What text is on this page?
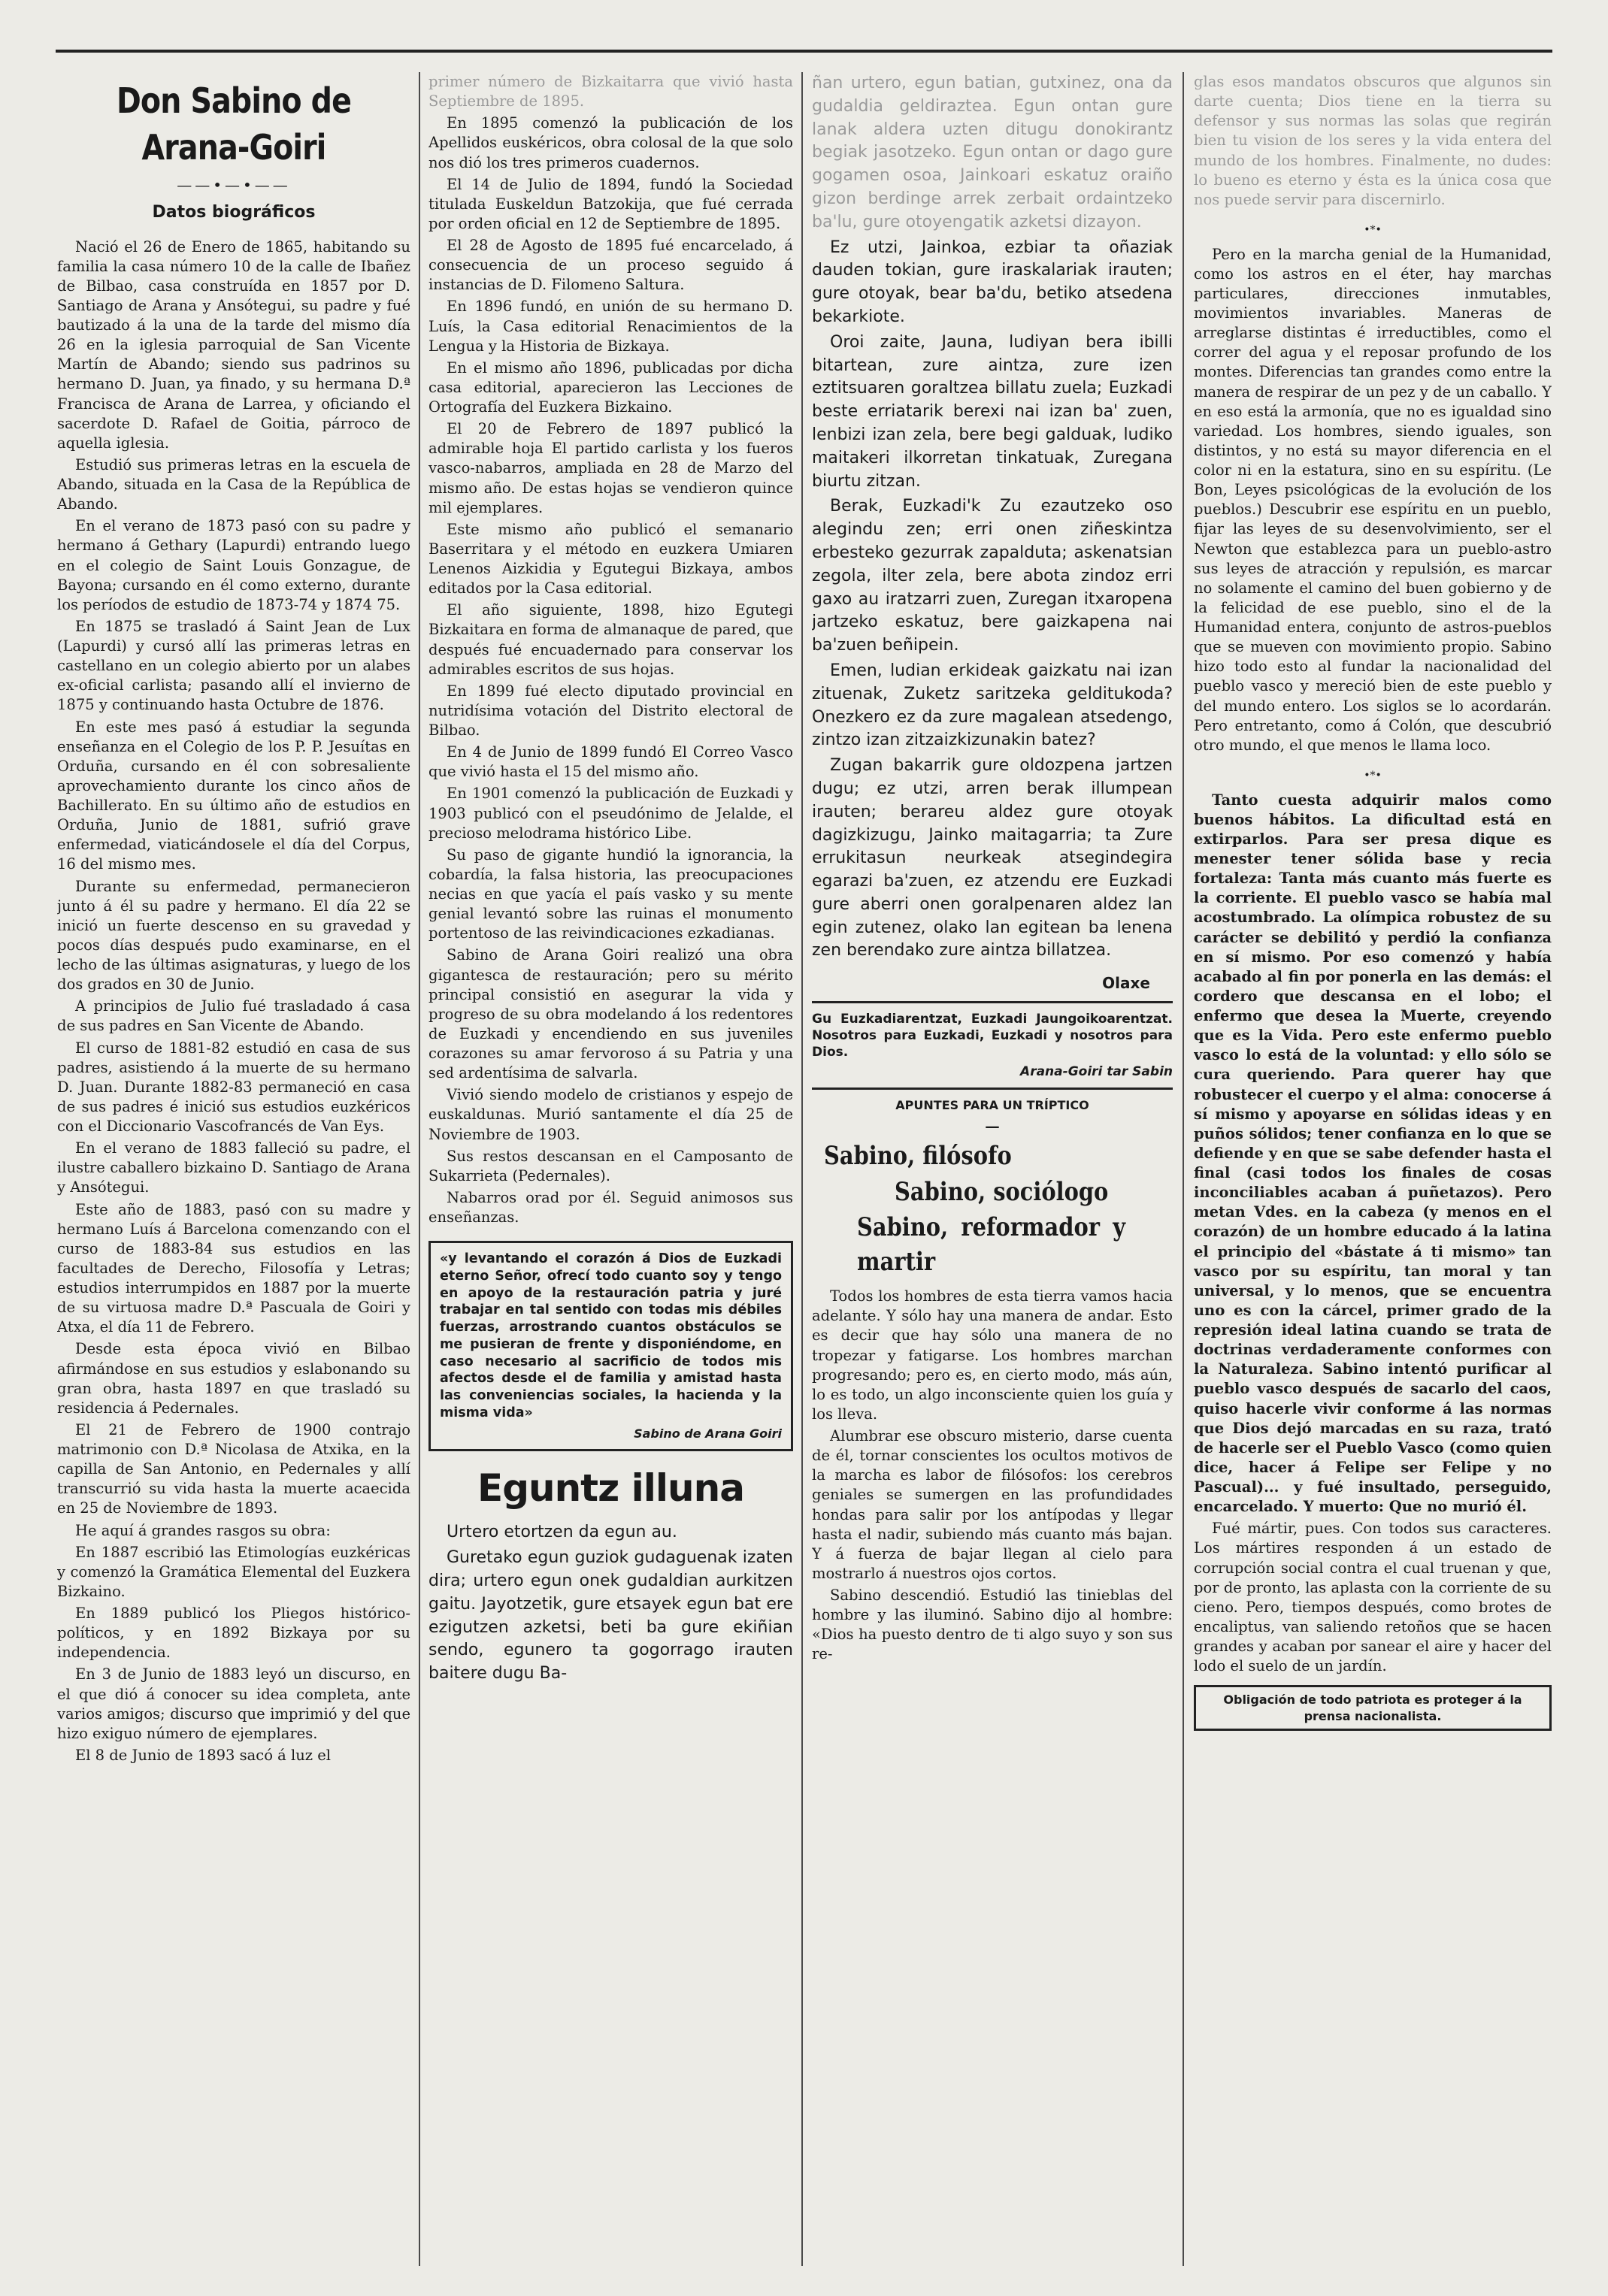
Don Sabino de Arana-Goiri
——•—•——
Datos biográficos

Nació el 26 de Enero de 1865, habitando su familia la casa número 10 de la calle de Ibañez de Bilbao, casa construída en 1857 por D. Santiago de Arana y Ansótegui, su padre y fué bautizado á la una de la tarde del mismo día 26 en la iglesia parroquial de San Vicente Martín de Abando; siendo sus padrinos su hermano D. Juan, ya finado, y su hermana D.ª Francisca de Arana de Larrea, y oficiando el sacerdote D. Rafael de Goitia, párroco de aquella iglesia.

Estudió sus primeras letras en la escuela de Abando, situada en la Casa de la República de Abando.

En el verano de 1873 pasó con su padre y hermano á Gethary (Lapurdi) entrando luego en el colegio de Saint Louis Gonzague, de Bayona; cursando en él como externo, durante los períodos de estudio de 1873-74 y 1874 75.

En 1875 se trasladó á Saint Jean de Lux (Lapurdi) y cursó allí las primeras letras en castellano en un colegio abierto por un alabes ex-oficial carlista; pasando allí el invierno de 1875 y continuando hasta Octubre de 1876.

En este mes pasó á estudiar la segunda enseñanza en el Colegio de los P. P. Jesuítas en Orduña, cursando en él con sobresaliente aprovechamiento durante los cinco años de Bachillerato. En su último año de estudios en Orduña, Junio de 1881, sufrió grave enfermedad, viaticándosele el día del Corpus, 16 del mismo mes.

Durante su enfermedad, permanecieron junto á él su padre y hermano. El día 22 se inició un fuerte descenso en su gravedad y pocos días después pudo examinarse, en el lecho de las últimas asignaturas, y luego de los dos grados en 30 de Junio.

A principios de Julio fué trasladado á casa de sus padres en San Vicente de Abando.

El curso de 1881-82 estudió en casa de sus padres, asistiendo á la muerte de su hermano D. Juan. Durante 1882-83 permaneció en casa de sus padres é inició sus estudios euzkéricos con el Diccionario Vascofrancés de Van Eys.

En el verano de 1883 falleció su padre, el ilustre caballero bizkaino D. Santiago de Arana y Ansótegui.

Este año de 1883, pasó con su madre y hermano Luís á Barcelona comenzando con el curso de 1883-84 sus estudios en las facultades de Derecho, Filosofía y Letras; estudios interrumpidos en 1887 por la muerte de su virtuosa madre D.ª Pascuala de Goiri y Atxa, el día 11 de Febrero.

Desde esta época vivió en Bilbao afirmándose en sus estudios y eslabonando su gran obra, hasta 1897 en que trasladó su residencia á Pedernales.

El 21 de Febrero de 1900 contrajo matrimonio con D.ª Nicolasa de Atxika, en la capilla de San Antonio, en Pedernales y allí transcurrió su vida hasta la muerte acaecida en 25 de Noviembre de 1893.

He aquí á grandes rasgos su obra:

En 1887 escribió las Etimologías euzkéricas y comenzó la Gramática Elemental del Euzkera Bizkaino.

En 1889 publicó los Pliegos histórico-políticos, y en 1892 Bizkaya por su independencia.

En 3 de Junio de 1883 leyó un discurso, en el que dió á conocer su idea completa, ante varios amigos; discurso que imprimió y del que hizo exiguo número de ejemplares.

El 8 de Junio de 1893 sacó á luz el

primer número de Bizkaitarra que vivió hasta Septiembre de 1895.

En 1895 comenzó la publicación de los Apellidos euskéricos, obra colosal de la que solo nos dió los tres primeros cuadernos.

El 14 de Julio de 1894, fundó la Sociedad titulada Euskeldun Batzokija, que fué cerrada por orden oficial en 12 de Septiembre de 1895.

El 28 de Agosto de 1895 fué encarcelado, á consecuencia de un proceso seguido á instancias de D. Filomeno Saltura.

En 1896 fundó, en unión de su hermano D. Luís, la Casa editorial Renacimientos de la Lengua y la Historia de Bizkaya.

En el mismo año 1896, publicadas por dicha casa editorial, aparecieron las Lecciones de Ortografía del Euzkera Bizkaino.

El 20 de Febrero de 1897 publicó la admirable hoja El partido carlista y los fueros vasco-nabarros, ampliada en 28 de Marzo del mismo año. De estas hojas se vendieron quince mil ejemplares.

Este mismo año publicó el semanario Baserritara y el método en euzkera Umiaren Lenenos Aizkidia y Egutegui Bizkaya, ambos editados por la Casa editorial.

El año siguiente, 1898, hizo Egutegi Bizkaitara en forma de almanaque de pared, que después fué encuadernado para conservar los admirables escritos de sus hojas.

En 1899 fué electo diputado provincial en nutridísima votación del Distrito electoral de Bilbao.

En 4 de Junio de 1899 fundó El Correo Vasco que vivió hasta el 15 del mismo año.

En 1901 comenzó la publicación de Euzkadi y 1903 publicó con el pseudónimo de Jelalde, el precioso melodrama histórico Libe.

Su paso de gigante hundió la ignorancia, la cobardía, la falsa historia, las preocupaciones necias en que yacía el país vasko y su mente genial levantó sobre las ruinas el monumento portentoso de las reivindicaciones ezkadianas.

Sabino de Arana Goiri realizó una obra gigantesca de restauración; pero su mérito principal consistió en asegurar la vida y progreso de su obra modelando á los redentores de Euzkadi y encendiendo en sus juveniles corazones su amar fervoroso á su Patria y una sed ardentísima de salvarla.

Vivió siendo modelo de cristianos y espejo de euskaldunas. Murió santamente el día 25 de Noviembre de 1903.

Sus restos descansan en el Camposanto de Sukarrieta (Pedernales).

Nabarros orad por él. Seguid animosos sus enseñanzas.

«y levantando el corazón á Dios de Euzkadi eterno Señor, ofrecí todo cuanto soy y tengo en apoyo de la restauración patria y juré trabajar en tal sentido con todas mis débiles fuerzas, arrostrando cuantos obstáculos se me pusieran de frente y disponiéndome, en caso necesario al sacrificio de todos mis afectos desde el de familia y amistad hasta las conveniencias sociales, la hacienda y la misma vida»
Sabino de Arana Goiri
Eguntz illuna

Urtero etortzen da egun au.

Guretako egun guziok gudaguenak izaten dira; urtero egun onek gudaldian aurkitzen gaitu. Jayotzetik, gure etsayek egun bat ere ezigutzen azketsi, beti ba gure ekiñian sendo, egunero ta gogorrago irauten baitere dugu Ba-

ñan urtero, egun batian, gutxinez, ona da gudaldia geldiraztea. Egun ontan gure lanak aldera uzten ditugu donokirantz begiak jasotzeko. Egun ontan or dago gure gogamen osoa, Jainkoari eskatuz oraiño gizon berdinge arrek zerbait ordaintzeko ba'lu, gure otoyengatik azketsi dizayon.

Ez utzi, Jainkoa, ezbiar ta oñaziak dauden tokian, gure iraskalariak irauten; gure otoyak, bear ba'du, betiko atsedena bekarkiote.

Oroi zaite, Jauna, ludiyan bera ibilli bitartean, zure aintza, zure izen eztitsuaren goraltzea billatu zuela; Euzkadi beste erriatarik berexi nai izan ba' zuen, lenbizi izan zela, bere begi galduak, ludiko maitakeri ilkorretan tinkatuak, Zuregana biurtu zitzan.

Berak, Euzkadi'k Zu ezautzeko oso alegindu zen; erri onen ziñeskintza erbesteko gezurrak zapalduta; askenatsian zegola, ilter zela, bere abota zindoz erri gaxo au iratzarri zuen, Zuregan itxaropena jartzeko eskatuz, bere gaizkapena nai ba'zuen beñipein.

Emen, ludian erkideak gaizkatu nai izan zituenak, Zuketz saritzeka gelditukoda? Onezkero ez da zure magalean atsedengo, zintzo izan zitzaizkizunakin batez?

Zugan bakarrik gure oldozpena jartzen dugu; ez utzi, arren berak illumpean irauten; berareu aldez gure otoyak dagizkizugu, Jainko maitagarria; ta Zure errukitasun neurkeak atsegindegira egarazi ba'zuen, ez atzendu ere Euzkadi gure aberri onen goralpenaren aldez lan egin zutenez, olako lan egitean ba lenena zen berendako zure aintza billatzea.

Olaxe
Gu Euzkadiarentzat, Euzkadi Jaungoikoarentzat. Nosotros para Euzkadi, Euzkadi y nosotros para Dios.
Arana-Goiri tar Sabin
APUNTES PARA UN TRÍPTICO
—
Sabino, filósofo
Sabino, sociólogo
Sabino, reformador y martir

Todos los hombres de esta tierra vamos hacia adelante. Y sólo hay una manera de andar. Esto es decir que hay sólo una manera de no tropezar y fatigarse. Los hombres marchan progresando; pero es, en cierto modo, más aún, lo es todo, un algo inconsciente quien los guía y los lleva.

Alumbrar ese obscuro misterio, darse cuenta de él, tornar conscientes los ocultos motivos de la marcha es labor de filósofos: los cerebros geniales se sumergen en las profundidades hondas para salir por los antípodas y llegar hasta el nadir, subiendo más cuanto más bajan. Y á fuerza de bajar llegan al cielo para mostrarlo á nuestros ojos cortos.

Sabino descendió. Estudió las tinieblas del hombre y las iluminó. Sabino dijo al hombre: «Dios ha puesto dentro de ti algo suyo y son sus re-

glas esos mandatos obscuros que algunos sin darte cuenta; Dios tiene en la tierra su defensor y sus normas las solas que regirán bien tu vision de los seres y la vida entera del mundo de los hombres. Finalmente, no dudes: lo bueno es eterno y ésta es la única cosa que nos puede servir para discernirlo.

•*•

Pero en la marcha genial de la Humanidad, como los astros en el éter, hay marchas particulares, direcciones inmutables, movimientos invariables. Maneras de arreglarse distintas é irreductibles, como el correr del agua y el reposar profundo de los montes. Diferencias tan grandes como entre la manera de respirar de un pez y de un caballo. Y en eso está la armonía, que no es igualdad sino variedad. Los hombres, siendo iguales, son distintos, y no está su mayor diferencia en el color ni en la estatura, sino en su espíritu. (Le Bon, Leyes psicológicas de la evolución de los pueblos.) Descubrir ese espíritu en un pueblo, fijar las leyes de su desenvolvimiento, ser el Newton que establezca para un pueblo-astro sus leyes de atracción y repulsión, es marcar no solamente el camino del buen gobierno y de la felicidad de ese pueblo, sino el de la Humanidad entera, conjunto de astros-pueblos que se mueven con movimiento propio. Sabino hizo todo esto al fundar la nacionalidad del pueblo vasco y mereció bien de este pueblo y del mundo entero. Los siglos se lo acordarán. Pero entretanto, como á Colón, que descubrió otro mundo, el que menos le llama loco.

•*•

Tanto cuesta adquirir malos como buenos hábitos. La dificultad está en extirparlos. Para ser presa dique es menester tener sólida base y recia fortaleza: Tanta más cuanto más fuerte es la corriente. El pueblo vasco se había mal acostumbrado. La olímpica robustez de su carácter se debilitó y perdió la confianza en sí mismo. Por eso comenzó y había acabado al fin por ponerla en las demás: el cordero que descansa en el lobo; el enfermo que desea la Muerte, creyendo que es la Vida. Pero este enfermo pueblo vasco lo está de la voluntad: y ello sólo se cura queriendo. Para querer hay que robustecer el cuerpo y el alma: conocerse á sí mismo y apoyarse en sólidas ideas y en puños sólidos; tener confianza en lo que se defiende y en que se sabe defender hasta el final (casi todos los finales de cosas inconciliables acaban á puñetazos). Pero metan Vdes. en la cabeza (y menos en el corazón) de un hombre educado á la latina el principio del «bástate á ti mismo» tan vasco por su espíritu, tan moral y tan universal, y lo menos, que se encuentra uno es con la cárcel, primer grado de la represión ideal latina cuando se trata de doctrinas verdaderamente conformes con la Naturaleza. Sabino intentó purificar al pueblo vasco después de sacarlo del caos, quiso hacerle vivir conforme á las normas que Dios dejó marcadas en su raza, trató de hacerle ser el Pueblo Vasco (como quien dice, hacer á Felipe ser Felipe y no Pascual)... y fué insultado, perseguido, encarcelado. Y muerto: Que no murió él.

Fué mártir, pues. Con todos sus caracteres. Los mártires responden á un estado de corrupción social contra el cual truenan y que, por de pronto, las aplasta con la corriente de su cieno. Pero, tiempos después, como brotes de encaliptus, van saliendo retoños que se hacen grandes y acaban por sanear el aire y hacer del lodo el suelo de un jardín.

Obligación de todo patriota es proteger á la prensa nacionalista.
